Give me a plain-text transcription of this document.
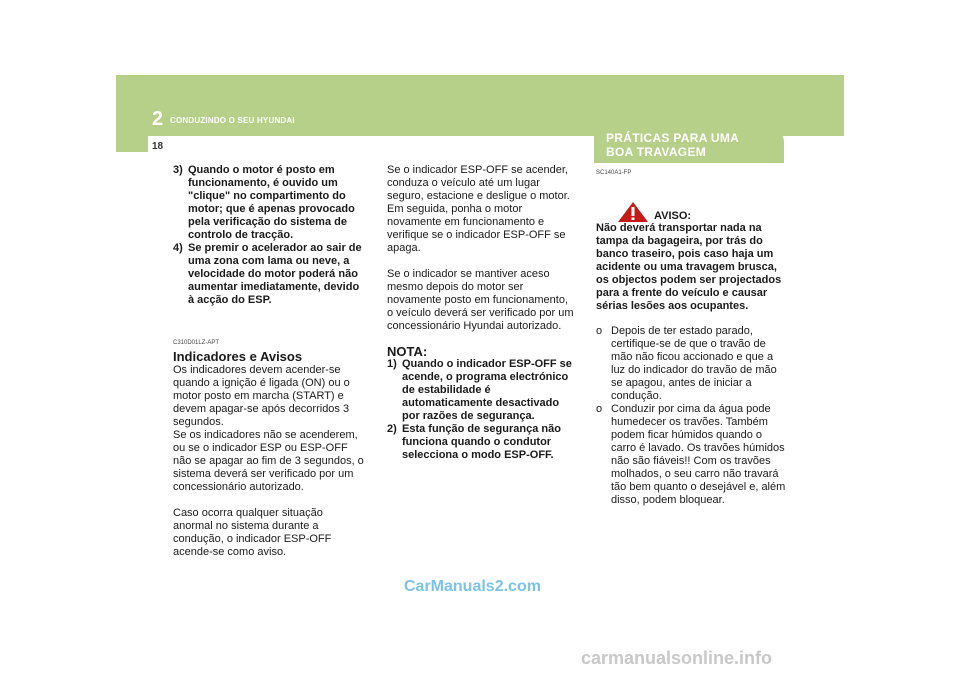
2 CONDUZINDO O SEU HYUNDAI
18
PRÁTICAS PARA UMA
BOA TRAVAGEM
3) Quando o motor é posto em funcionamento, é ouvido um "clique" no compartimento do motor; que é apenas provocado pela verificação do sistema de controlo de tracção.
4) Se premir o acelerador ao sair de uma zona com lama ou neve, a velocidade do motor poderá não aumentar imediatamente, devido à acção do ESP.

C310D01LZ-APT

Indicadores e Avisos

Os indicadores devem acender-se quando a ignição é ligada (ON) ou o motor posto em marcha (START) e devem apagar-se após decorridos 3 segundos.

Se os indicadores não se acenderem, ou se o indicador ESP ou ESP-OFF não se apagar ao fim de 3 segundos, o sistema deverá ser verificado por um concessionário autorizado.

Caso ocorra qualquer situação anormal no sistema durante a condução, o indicador ESP-OFF acende-se como aviso.

Se o indicador ESP-OFF se acender, conduza o veículo até um lugar seguro, estacione e desligue o motor.

Em seguida, ponha o motor novamente em funcionamento e verifique se o indicador ESP-OFF se apaga.

Se o indicador se mantiver aceso mesmo depois do motor ser novamente posto em funcionamento, o veículo deverá ser verificado por um concessionário Hyundai autorizado.

NOTA:

1) Quando o indicador ESP-OFF se acende, o programa electrónico de estabilidade é automaticamente desactivado por razões de segurança.
2) Esta função de segurança não funciona quando o condutor selecciona o modo ESP-OFF.

SC140A1-FP

AVISO:
Não deverá transportar nada na tampa da bagageira, por trás do banco traseiro, pois caso haja um acidente ou uma travagem brusca, os objectos podem ser projectados para a frente do veículo e causar sérias lesões aos ocupantes.
o Depois de ter estado parado, certifique-se de que o travão de mão não ficou accionado e que a luz do indicador do travão de mão se apagou, antes de iniciar a condução.
o Conduzir por cima da água pode humedecer os travões. Também podem ficar húmidos quando o carro é lavado. Os travões húmidos não são fiáveis!! Com os travões molhados, o seu carro não travará tão bem quanto o desejável e, além disso, podem bloquear.
CarManuals2.com
carmanualsonline.info
